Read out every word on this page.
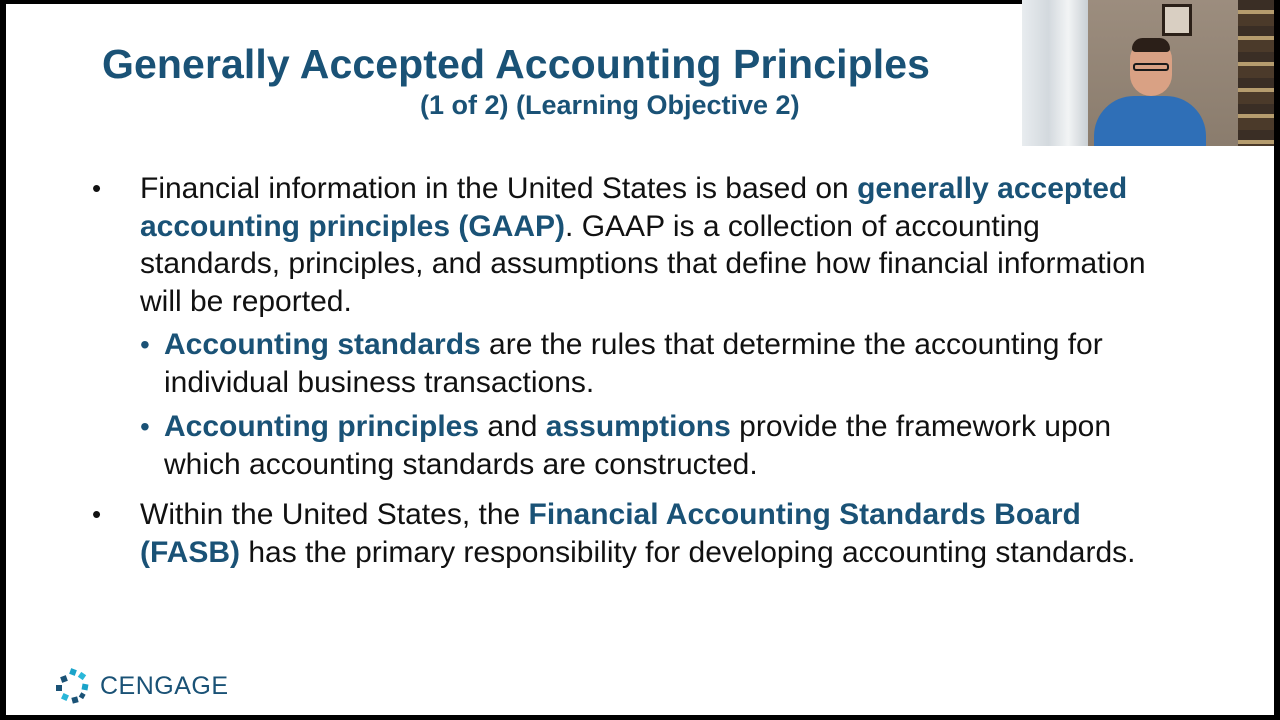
Generally Accepted Accounting Principles
(1 of 2) (Learning Objective 2)
• Financial information in the United States is based on generally accepted accounting principles (GAAP). GAAP is a collection of accounting standards, principles, and assumptions that define how financial information will be reported.
• Accounting standards are the rules that determine the accounting for individual business transactions.
• Accounting principles and assumptions provide the framework upon which accounting standards are constructed.
• Within the United States, the Financial Accounting Standards Board (FASB) has the primary responsibility for developing accounting standards.
CENGAGE
